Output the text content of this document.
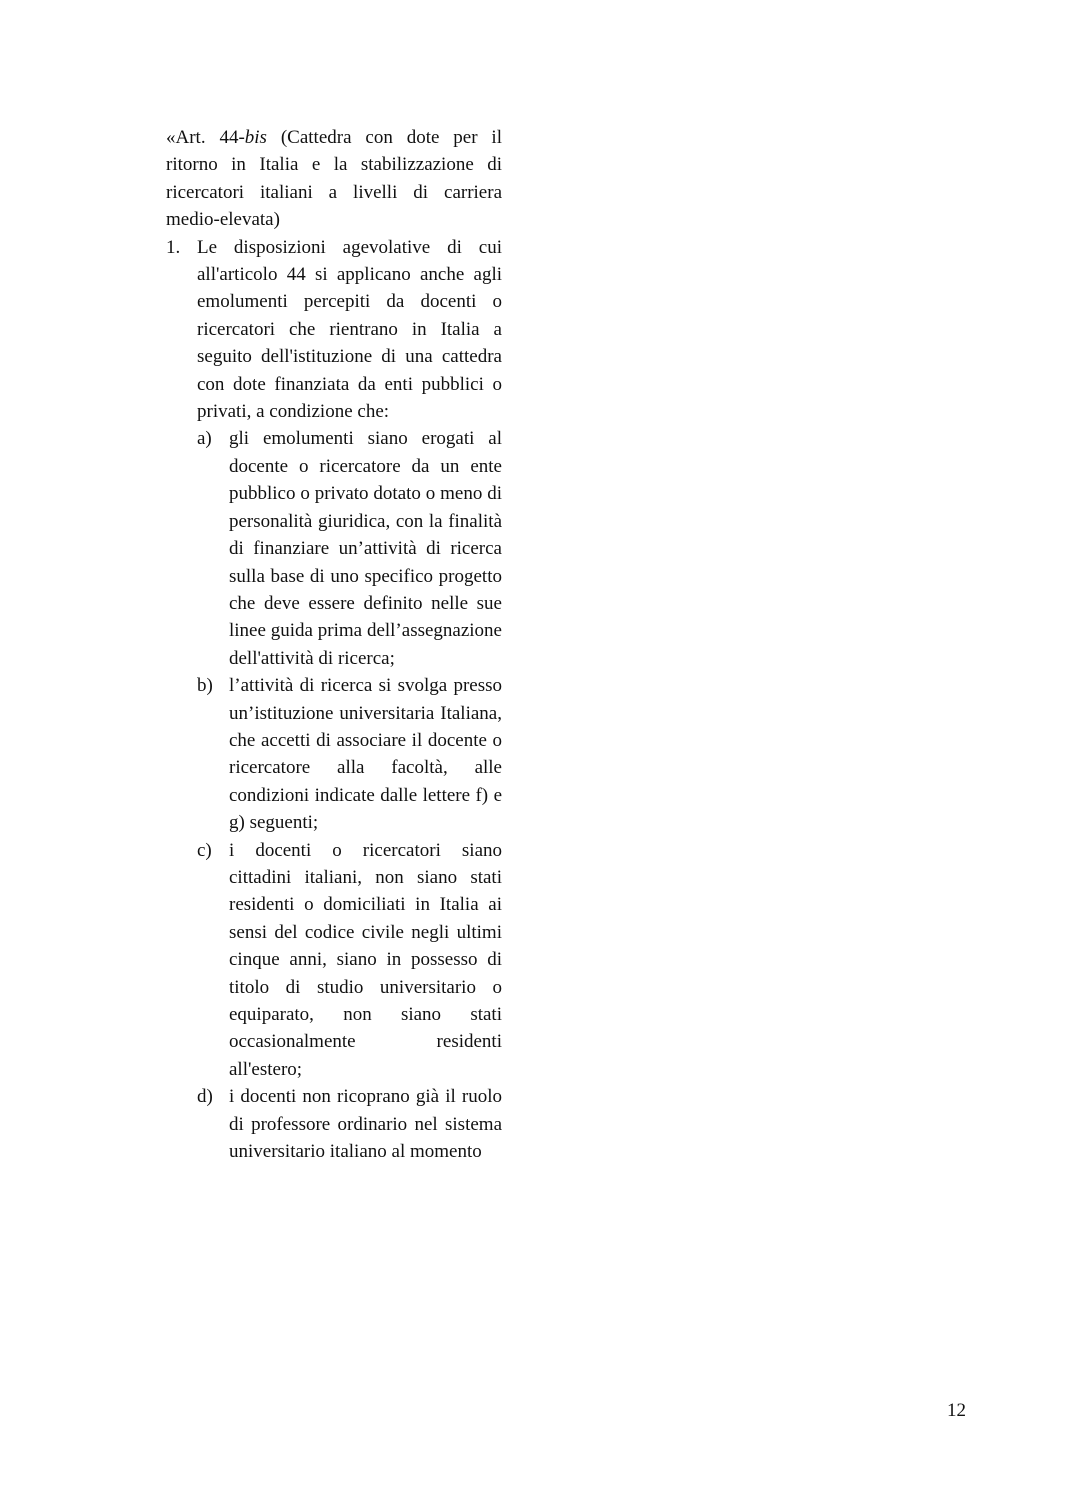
«Art. 44-bis (Cattedra con dote per il ritorno in Italia e la stabilizzazione di ricercatori italiani a livelli di carriera medio-elevata)

1. Le disposizioni agevolative di cui all'articolo 44 si applicano anche agli emolumenti percepiti da docenti o ricercatori che rientrano in Italia a seguito dell'istituzione di una cattedra con dote finanziata da enti pubblici o privati, a condizione che:

a) gli emolumenti siano erogati al docente o ricercatore da un ente pubblico o privato dotato o meno di personalità giuridica, con la finalità di finanziare un’attività di ricerca sulla base di uno specifico progetto che deve essere definito nelle sue linee guida prima dell’assegnazione dell'attività di ricerca;
b) l’attività di ricerca si svolga presso un’istituzione universitaria Italiana, che accetti di associare il docente o ricercatore alla facoltà, alle condizioni indicate dalle lettere f) e g) seguenti;
c) i docenti o ricercatori siano cittadini italiani, non siano stati residenti o domiciliati in Italia ai sensi del codice civile negli ultimi cinque anni, siano in possesso di titolo di studio universitario o equiparato, non siano stati occasionalmente residenti all'estero;
d) i docenti non ricoprano già il ruolo di professore ordinario nel sistema universitario italiano al momento
12
